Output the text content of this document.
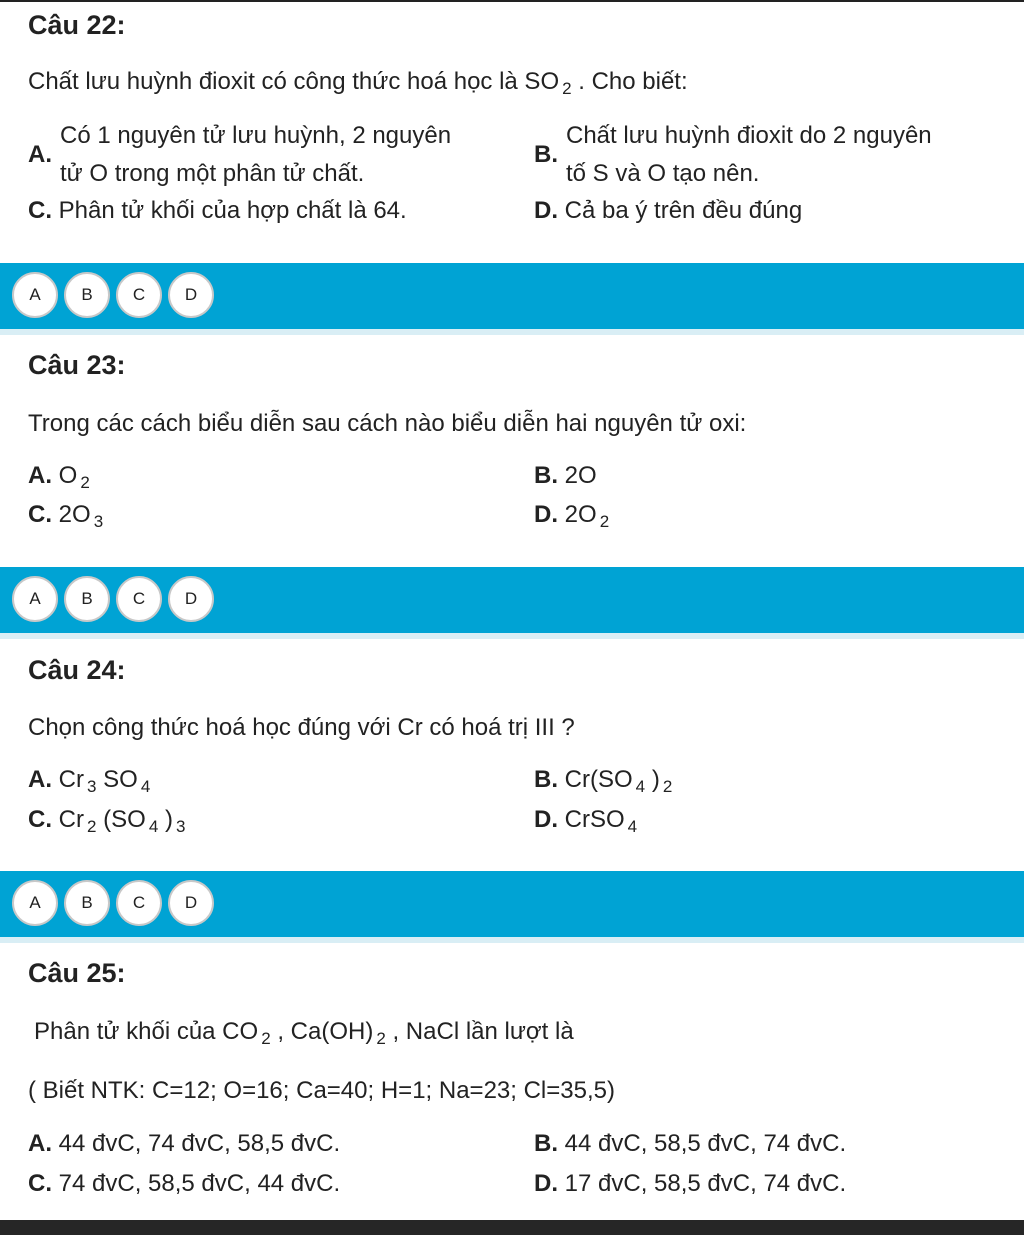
Câu 22:
Chất lưu huỳnh đioxit có công thức hoá học là SO $_2$ . Cho biết:
A.
Có 1 nguyên tử lưu huỳnh, 2 nguyên
tử O trong một phân tử chất.
B.
Chất lưu huỳnh đioxit do 2 nguyên
tố S và O tạo nên.
C. Phân tử khối của hợp chất là 64.	D. Cả ba ý trên đều đúng
A	B	C	D
Câu 23:
Trong các cách biểu diễn sau cách nào biểu diễn hai nguyên tử oxi:
A. O $_2$	B. 2O
C. 2O $_3$	D. 2O $_2$
A	B	C	D
Câu 24:
Chọn công thức hoá học đúng với Cr có hoá trị III ?
A. Cr $_3$ SO $_4$	B. Cr(SO $_4$ ) $_2$
C. Cr $_2$ (SO $_4$ ) $_3$	D. CrSO $_4$
A	B	C	D
Câu 25:
Phân tử khối của CO $_2$ , Ca(OH) $_2$ , NaCl lần lượt là
( Biết NTK: C=12; O=16; Ca=40; H=1; Na=23; Cl=35,5)
A. 44 đvC, 74 đvC, 58,5 đvC.	B. 44 đvC, 58,5 đvC, 74 đvC.
C. 74 đvC, 58,5 đvC, 44 đvC.	D. 17 đvC, 58,5 đvC, 74 đvC.
